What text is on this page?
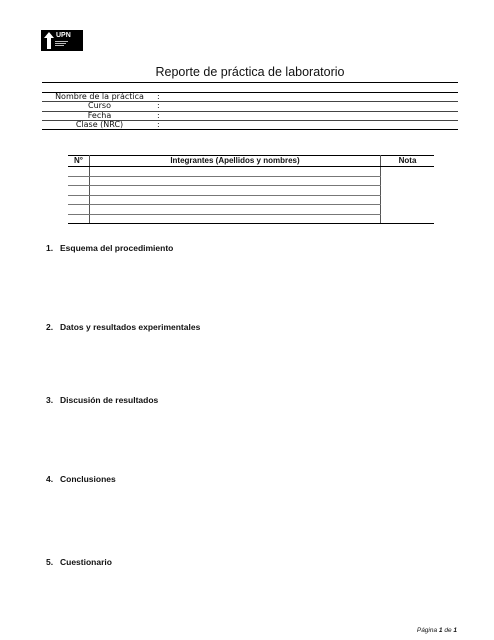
UPN
Reporte de práctica de laboratorio
Nombre de la práctica	:
Curso	:
Fecha	:
Clase (NRC)	:
N°	Integrantes (Apellidos y nombres)	Nota

1. Esquema del procedimiento
2. Datos y resultados experimentales
3. Discusión de resultados
4. Conclusiones
5. Cuestionario
Página 1 de 1
